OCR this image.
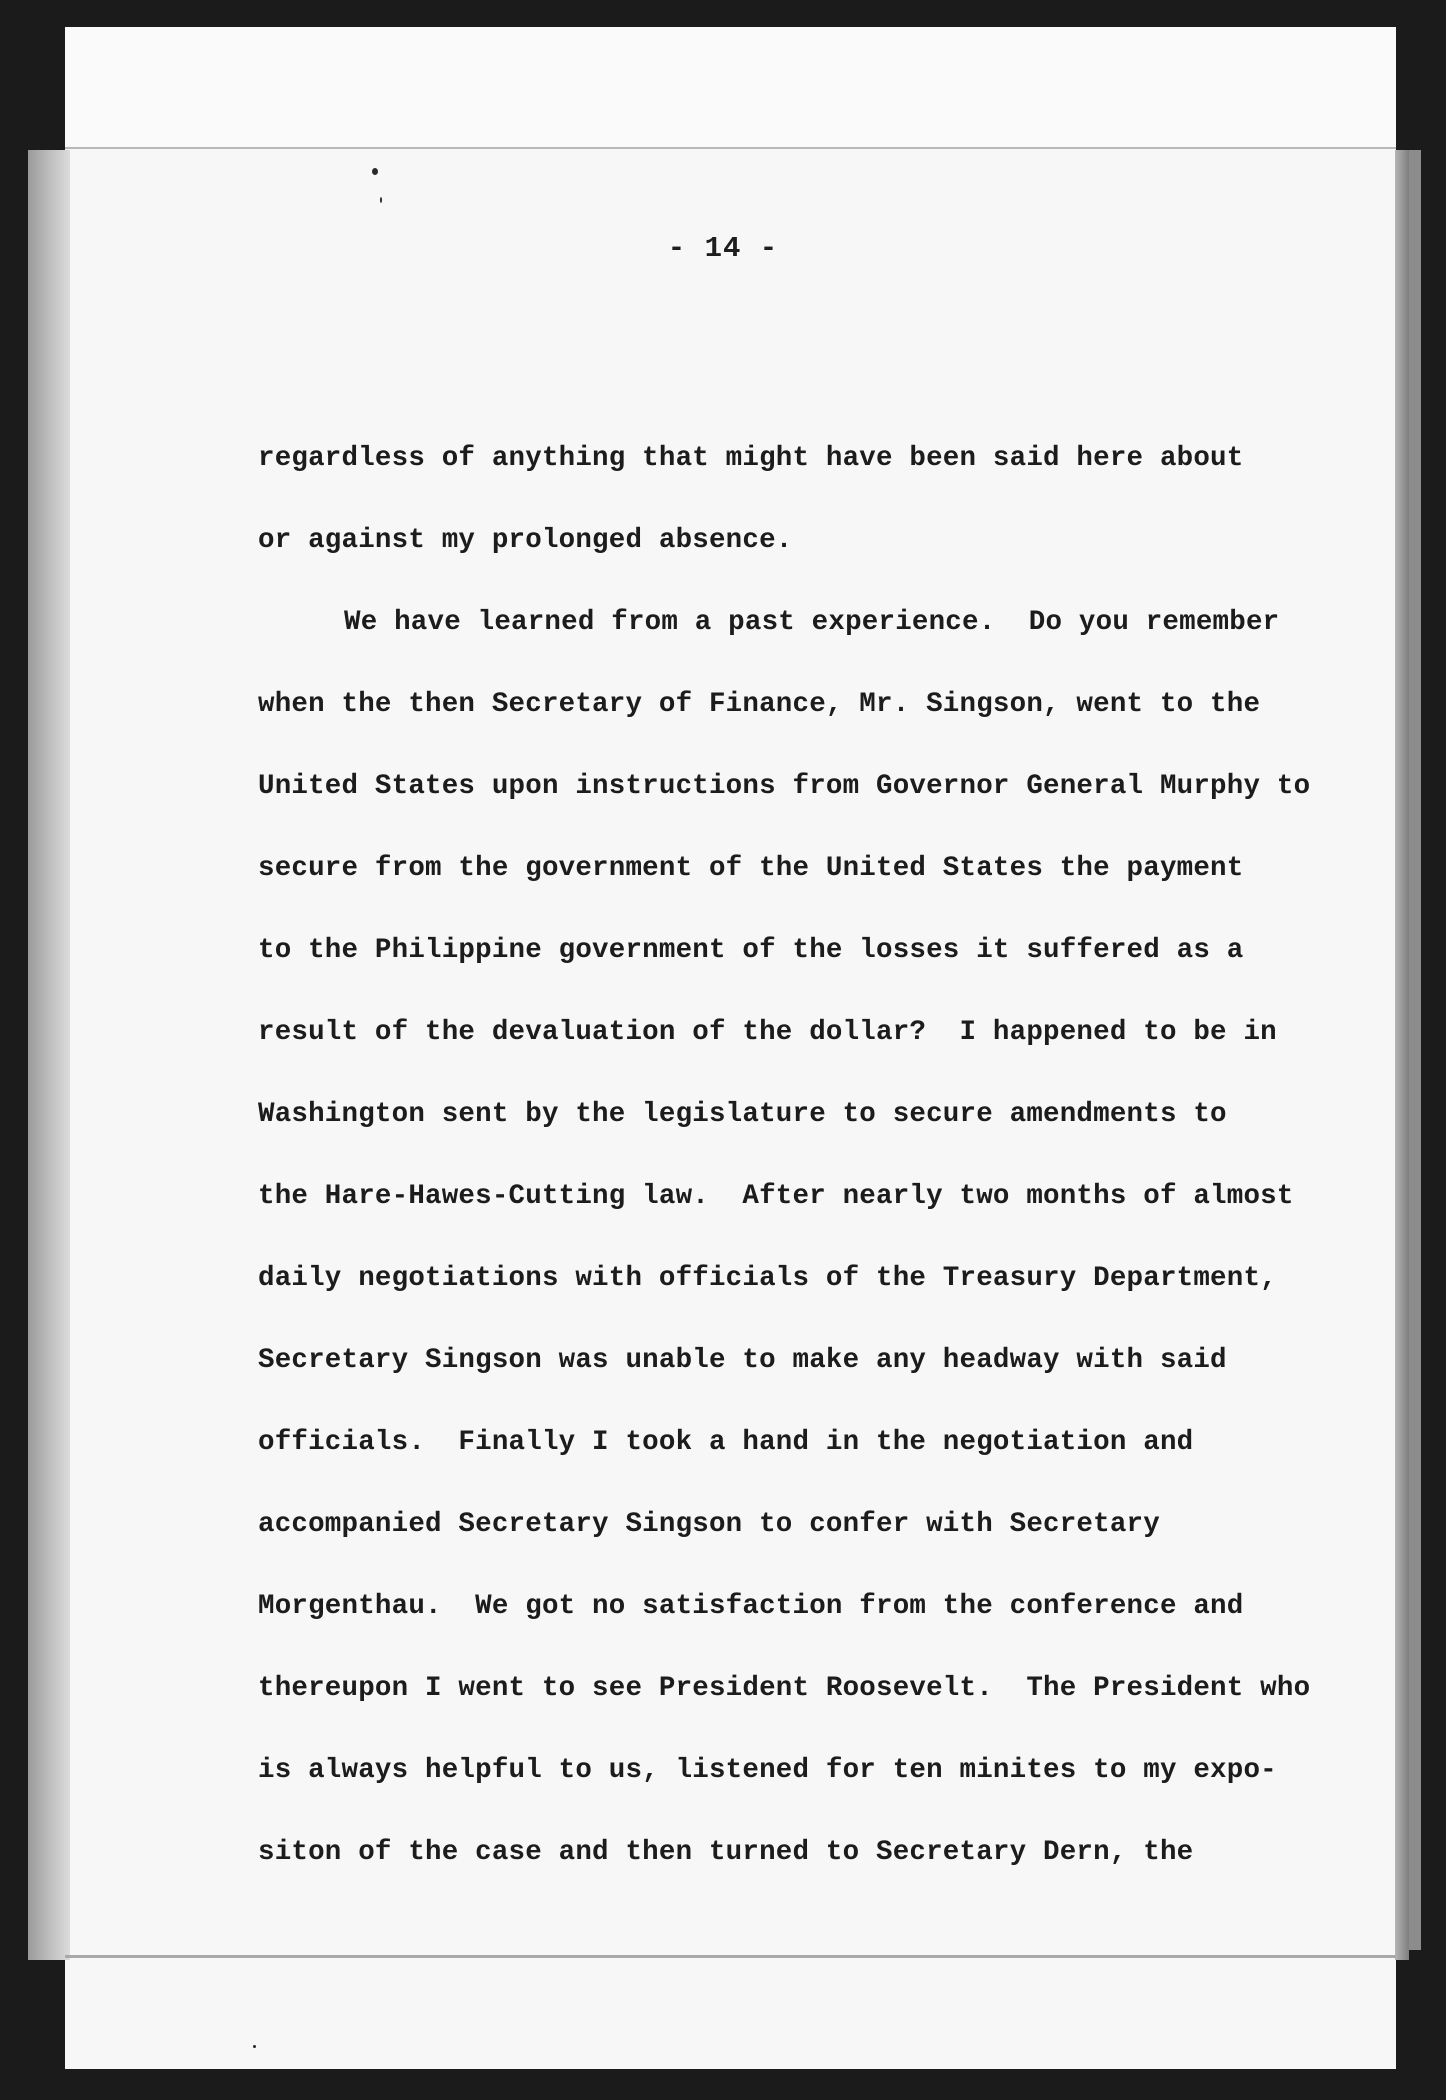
- 14 -
regardless of anything that might have been said here about
or against my prolonged absence.
We have learned from a past experience.  Do you remember
when the then Secretary of Finance, Mr. Singson, went to the
United States upon instructions from Governor General Murphy to
secure from the government of the United States the payment
to the Philippine government of the losses it suffered as a
result of the devaluation of the dollar?  I happened to be in
Washington sent by the legislature to secure amendments to
the Hare-Hawes-Cutting law.  After nearly two months of almost
daily negotiations with officials of the Treasury Department,
Secretary Singson was unable to make any headway with said
officials.  Finally I took a hand in the negotiation and
accompanied Secretary Singson to confer with Secretary
Morgenthau.  We got no satisfaction from the conference and
thereupon I went to see President Roosevelt.  The President who
is always helpful to us, listened for ten minites to my expo-
siton of the case and then turned to Secretary Dern, the
